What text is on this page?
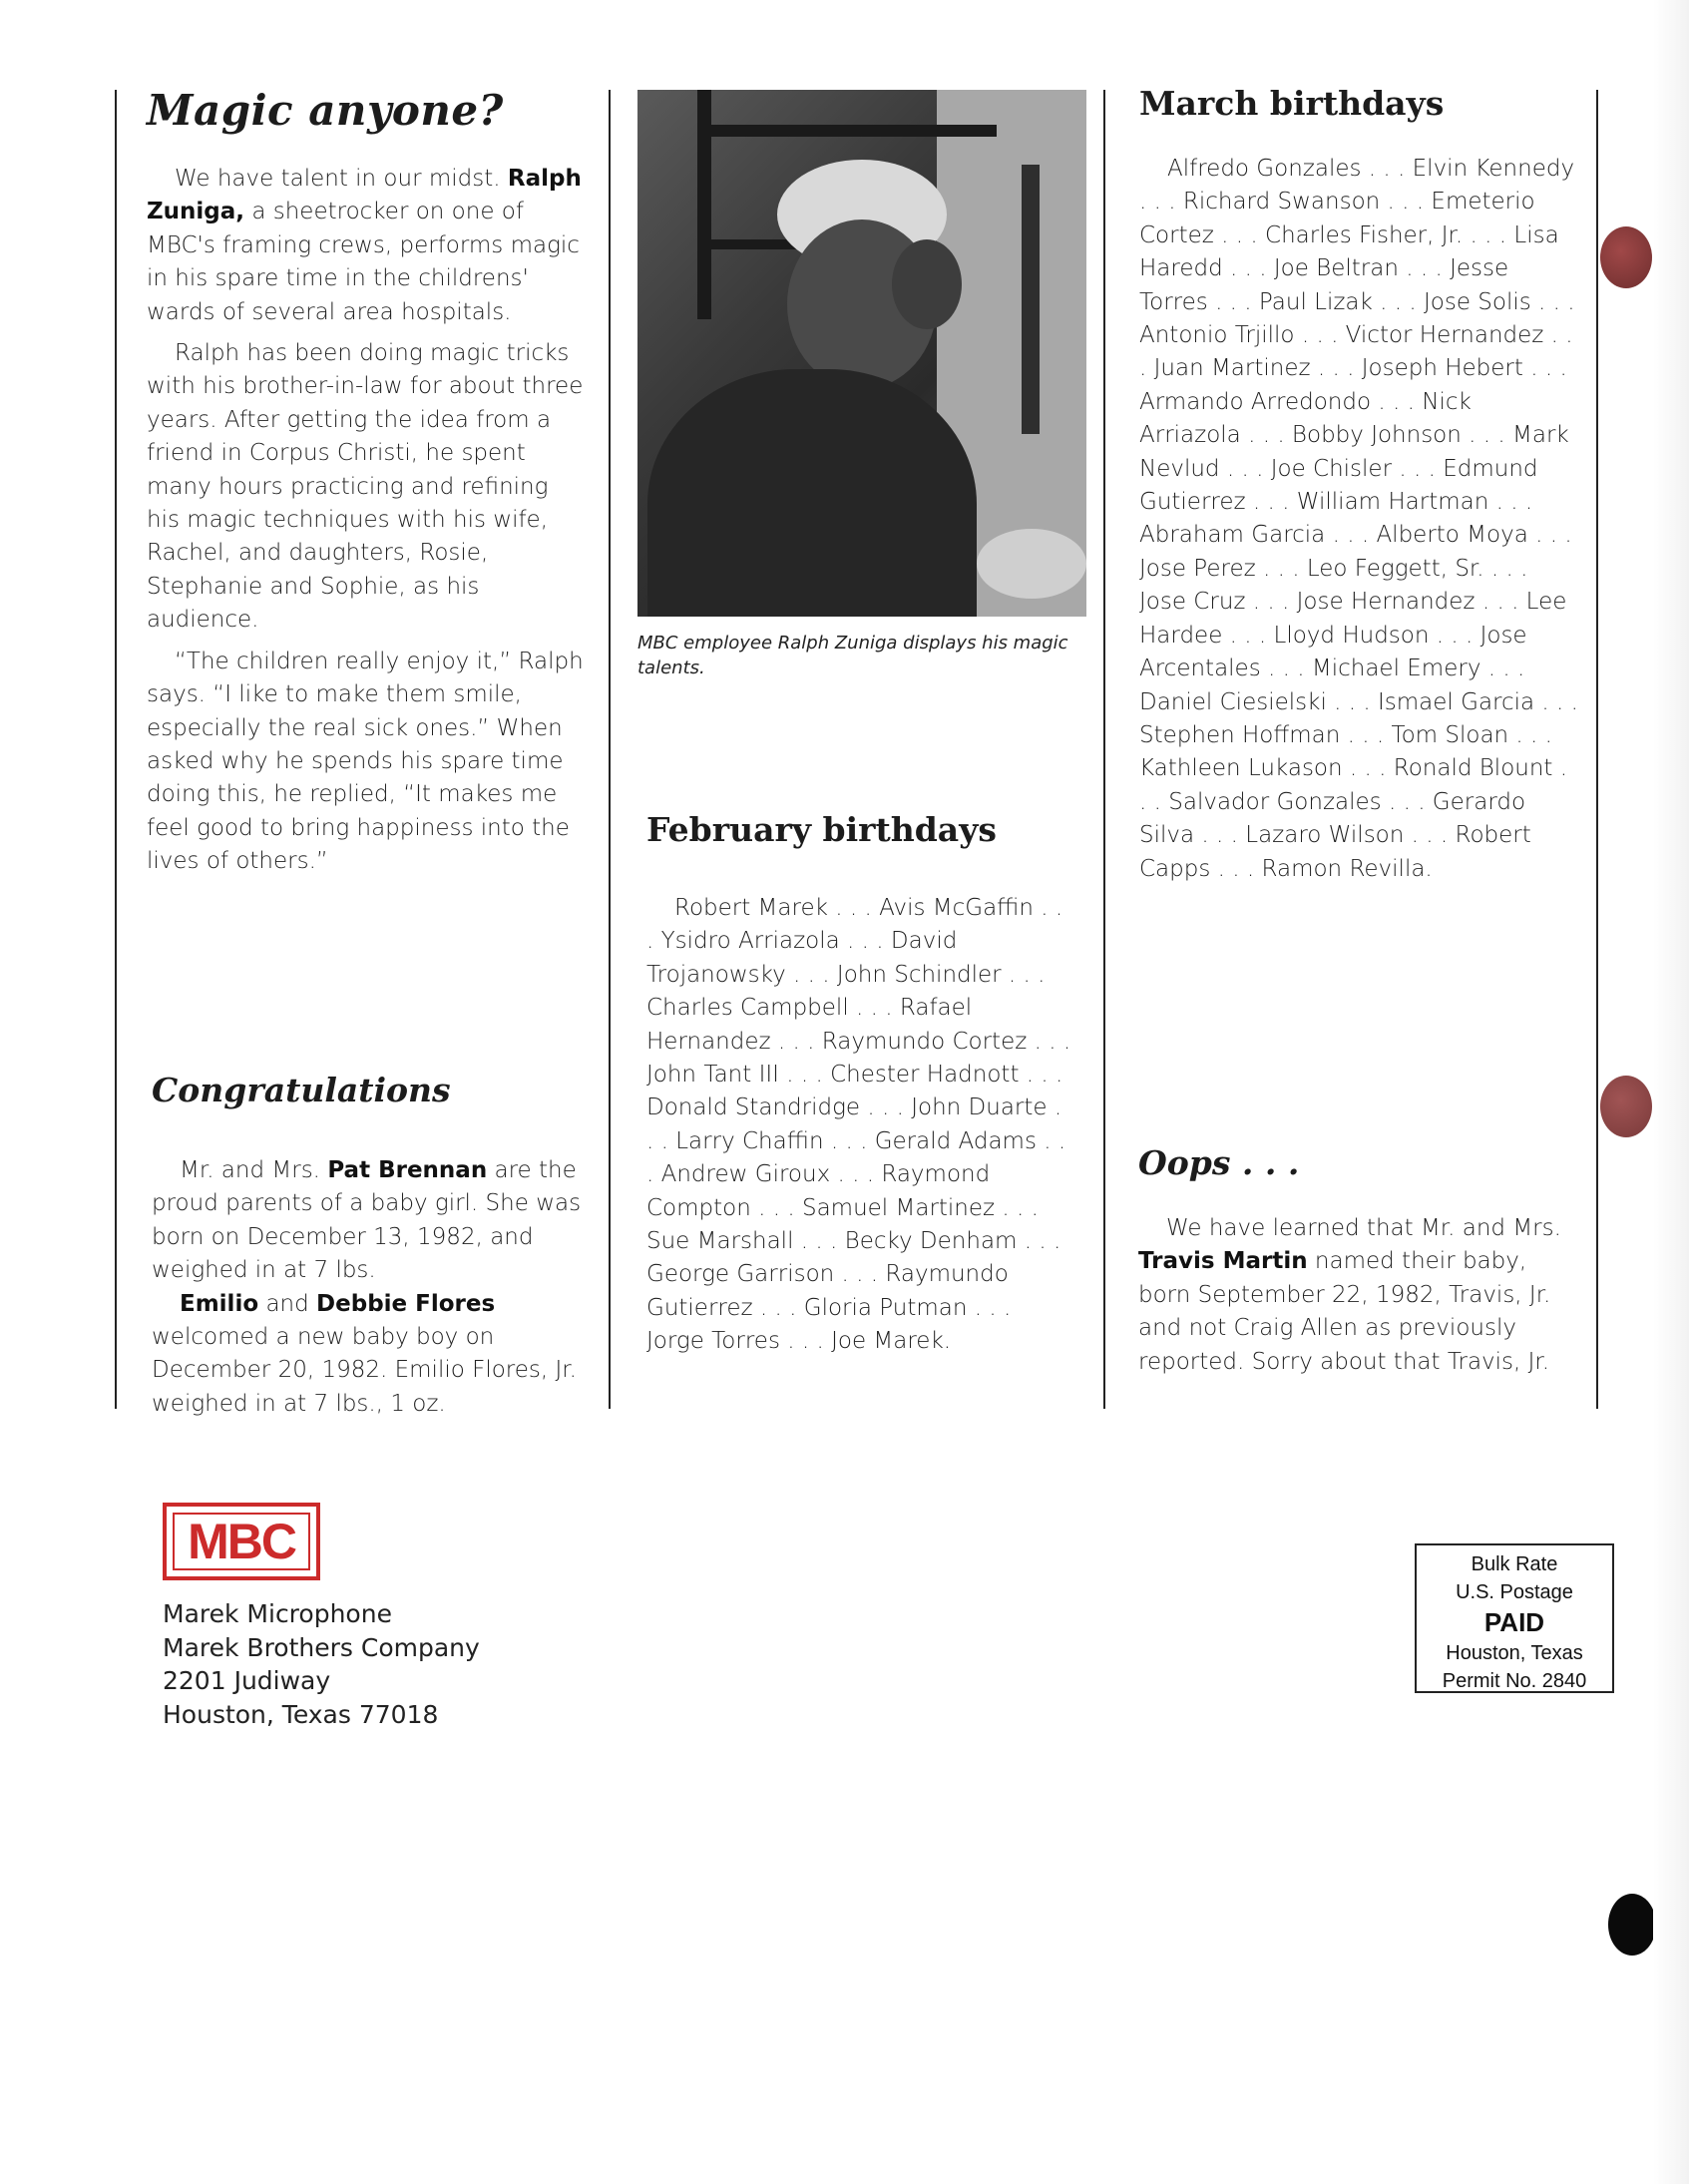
Magic anyone?

We have talent in our midst. Ralph Zuniga, a sheetrocker on one of MBC's framing crews, performs magic in his spare time in the childrens' wards of several area hospitals.

Ralph has been doing magic tricks with his brother-in-law for about three years. After getting the idea from a friend in Corpus Christi, he spent many hours practicing and refining his magic techniques with his wife, Rachel, and daughters, Rosie, Stephanie and Sophie, as his audience.

“The children really enjoy it,” Ralph says. “I like to make them smile, especially the real sick ones.” When asked why he spends his spare time doing this, he replied, “It makes me feel good to bring happiness into the lives of others.”

Congratulations

Mr. and Mrs. Pat Brennan are the proud parents of a baby girl. She was born on December 13, 1982, and weighed in at 7 lbs.

Emilio and Debbie Flores welcomed a new baby boy on December 20, 1982. Emilio Flores, Jr. weighed in at 7 lbs., 1 oz.

MBC employee Ralph Zuniga displays his magic talents.
February birthdays

Robert Marek . . . Avis McGaffin . . . Ysidro Arriazola . . . David Trojanowsky . . . John Schindler . . . Charles Campbell . . . Rafael Hernandez . . . Raymundo Cortez . . . John Tant III . . . Chester Hadnott . . . Donald Standridge . . . John Duarte . . . Larry Chaffin . . . Gerald Adams . . . Andrew Giroux . . . Raymond Compton . . . Samuel Martinez . . . Sue Marshall . . . Becky Denham . . . George Garrison . . . Raymundo Gutierrez . . . Gloria Putman . . . Jorge Torres . . . Joe Marek.

March birthdays

Alfredo Gonzales . . . Elvin Kennedy . . . Richard Swanson . . . Emeterio Cortez . . . Charles Fisher, Jr. . . . Lisa Haredd . . . Joe Beltran . . . Jesse Torres . . . Paul Lizak . . . Jose Solis . . . Antonio Trjillo . . . Victor Hernandez . . . Juan Martinez . . . Joseph Hebert . . . Armando Arredondo . . . Nick Arriazola . . . Bobby Johnson . . . Mark Nevlud . . . Joe Chisler . . . Edmund Gutierrez . . . William Hartman . . . Abraham Garcia . . . Alberto Moya . . . Jose Perez . . . Leo Feggett, Sr. . . . Jose Cruz . . . Jose Hernandez . . . Lee Hardee . . . Lloyd Hudson . . . Jose Arcentales . . . Michael Emery . . . Daniel Ciesielski . . . Ismael Garcia . . . Stephen Hoffman . . . Tom Sloan . . . Kathleen Lukason . . . Ronald Blount . . . Salvador Gonzales . . . Gerardo Silva . . . Lazaro Wilson . . . Robert Capps . . . Ramon Revilla.

Oops . . .

We have learned that Mr. and Mrs. Travis Martin named their baby, born September 22, 1982, Travis, Jr. and not Craig Allen as previously reported. Sorry about that Travis, Jr.

MBC
Marek Microphone
Marek Brothers Company
2201 Judiway
Houston, Texas 77018
Bulk Rate
U.S. Postage
PAID
Houston, Texas
Permit No. 2840
